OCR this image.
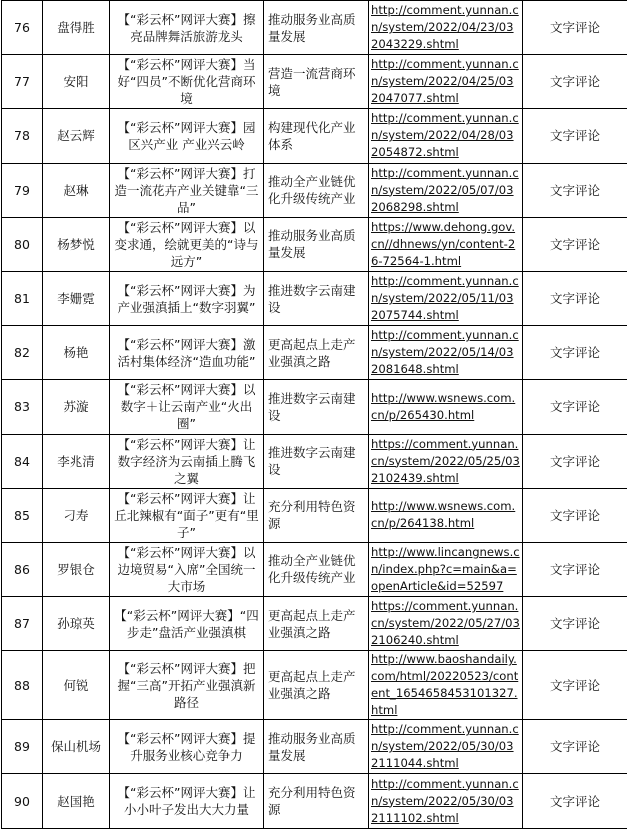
76	盘得胜	【“彩云杯”网评大赛】擦亮品牌舞活旅游龙头	推动服务业高质量发展	http://comment.yunnan.cn/system/2022/04/23/032043229.shtml	文字评论
77	安阳	【“彩云杯”网评大赛】当好“四员”不断优化营商环境	营造一流营商环境	http://comment.yunnan.cn/system/2022/04/25/032047077.shtml	文字评论
78	赵云辉	【“彩云杯”网评大赛】园区兴产业 产业兴云岭	构建现代化产业体系	http://comment.yunnan.cn/system/2022/04/28/032054872.shtml	文字评论
79	赵琳	【“彩云杯”网评大赛】打造一流花卉产业关键靠“三品”	推动全产业链优化升级传统产业	http://comment.yunnan.cn/system/2022/05/07/032068298.shtml	文字评论
80	杨梦悦	【“彩云杯”网评大赛】以变求通，绘就更美的“诗与远方”	推动服务业高质量发展	https://www.dehong.gov.cn//dhnews/yn/content-26-72564-1.html	文字评论
81	李姗霓	【“彩云杯”网评大赛】为产业强滇插上“数字羽翼”	推进数字云南建设	http://comment.yunnan.cn/system/2022/05/11/032075744.shtml	文字评论
82	杨艳	【“彩云杯”网评大赛】激活村集体经济“造血功能”	更高起点上走产业强滇之路	http://comment.yunnan.cn/system/2022/05/14/032081648.shtml	文字评论
83	苏漩	【“彩云杯”网评大赛】以数字＋让云南产业“火出圈”	推进数字云南建设	http://www.wsnews.com.cn/p/265430.html	文字评论
84	李兆清	【“彩云杯”网评大赛】让数字经济为云南插上腾飞之翼	推进数字云南建设	https://comment.yunnan.cn/system/2022/05/25/032102439.shtml	文字评论
85	刁寿	【“彩云杯”网评大赛】让丘北辣椒有“面子”更有“里子”	充分利用特色资源	http://www.wsnews.com.cn/p/264138.html	文字评论
86	罗银仓	【“彩云杯”网评大赛】以边境贸易“入席”全国统一大市场	推动全产业链优化升级传统产业	http://www.lincangnews.cn/index.php?c=main&a=openArticle&id=52597	文字评论
87	孙琼英	【“彩云杯”网评大赛】“四步走”盘活产业强滇棋	更高起点上走产业强滇之路	https://comment.yunnan.cn/system/2022/05/27/032106240.shtml	文字评论
88	何锐	【“彩云杯”网评大赛】把握“三高”开拓产业强滇新路径	更高起点上走产业强滇之路	http://www.baoshandaily.com/html/20220523/content_1654658453101327.html	文字评论
89	保山机场	【“彩云杯”网评大赛】提升服务业核心竞争力	推动服务业高质量发展	http://comment.yunnan.cn/system/2022/05/30/032111044.shtml	文字评论
90	赵国艳	【“彩云杯”网评大赛】让小小叶子发出大大力量	充分利用特色资源	http://comment.yunnan.cn/system/2022/05/30/032111102.shtml	文字评论
